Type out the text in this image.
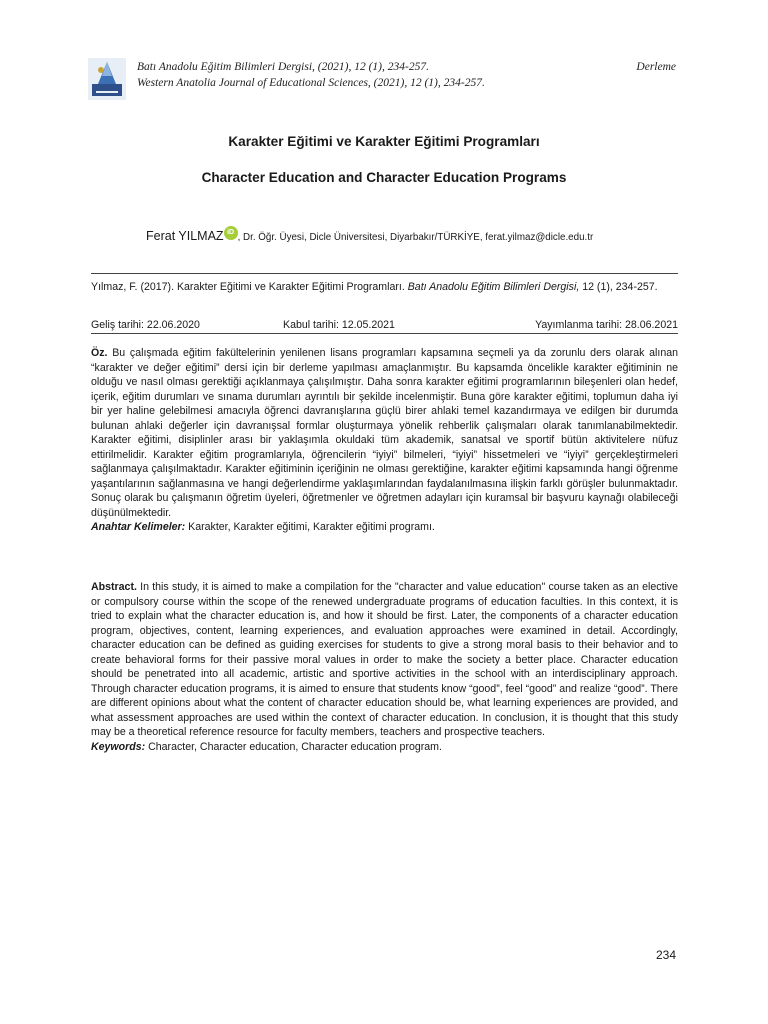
Batı Anadolu Eğitim Bilimleri Dergisi, (2021), 12 (1), 234-257.
Western Anatolia Journal of Educational Sciences, (2021), 12 (1), 234-257.
Derleme
Karakter Eğitimi ve Karakter Eğitimi Programları
Character Education and Character Education Programs
Ferat YILMAZ iD , Dr. Öğr. Üyesi, Dicle Üniversitesi, Diyarbakır/TÜRKİYE, ferat.yilmaz@dicle.edu.tr
Yılmaz, F. (2017). Karakter Eğitimi ve Karakter Eğitimi Programları. Batı Anadolu Eğitim Bilimleri Dergisi, 12 (1), 234-257.
Geliş tarihi: 22.06.2020	Kabul tarihi: 12.05.2021	Yayımlanma tarihi: 28.06.2021

Öz. Bu çalışmada eğitim fakültelerinin yenilenen lisans programları kapsamına seçmeli ya da zorunlu ders olarak alınan “karakter ve değer eğitimi” dersi için bir derleme yapılması amaçlanmıştır. Bu kapsamda öncelikle karakter eğitiminin ne olduğu ve nasıl olması gerektiği açıklanmaya çalışılmıştır. Daha sonra karakter eğitimi programlarının bileşenleri olan hedef, içerik, eğitim durumları ve sınama durumları ayrıntılı bir şekilde incelenmiştir. Buna göre karakter eğitimi, toplumun daha iyi bir yer haline gelebilmesi amacıyla öğrenci davranışlarına güçlü birer ahlaki temel kazandırmaya ve edilgen bir durumda bulunan ahlaki değerler için davranışsal formlar oluşturmaya yönelik rehberlik çalışmaları olarak tanımlanabilmektedir. Karakter eğitimi, disiplinler arası bir yaklaşımla okuldaki tüm akademik, sanatsal ve sportif bütün aktivitelere nüfuz ettirilmelidir. Karakter eğitim programlarıyla, öğrencilerin “iyiyi” bilmeleri, “iyiyi” hissetmeleri ve “iyiyi” gerçekleştirmeleri sağlanmaya çalışılmaktadır. Karakter eğitiminin içeriğinin ne olması gerektiğine, karakter eğitimi kapsamında hangi öğrenme yaşantılarının sağlanmasına ve hangi değerlendirme yaklaşımlarından faydalanılmasına ilişkin farklı görüşler bulunmaktadır. Sonuç olarak bu çalışmanın öğretim üyeleri, öğretmenler ve öğretmen adayları için kuramsal bir başvuru kaynağı olabileceği düşünülmektedir.

Anahtar Kelimeler: Karakter, Karakter eğitimi, Karakter eğitimi programı.

Abstract. In this study, it is aimed to make a compilation for the "character and value education" course taken as an elective or compulsory course within the scope of the renewed undergraduate programs of education faculties. In this context, it is tried to explain what the character education is, and how it should be first. Later, the components of a character education program, objectives, content, learning experiences, and evaluation approaches were examined in detail. Accordingly, character education can be defined as guiding exercises for students to give a strong moral basis to their behavior and to create behavioral forms for their passive moral values in order to make the society a better place. Character education should be penetrated into all academic, artistic and sportive activities in the school with an interdisciplinary approach. Through character education programs, it is aimed to ensure that students know “good”, feel “good” and realize “good”. There are different opinions about what the content of character education should be, what learning experiences are provided, and what assessment approaches are used within the context of character education. In conclusion, it is thought that this study may be a theoretical reference resource for faculty members, teachers and prospective teachers.

Keywords: Character, Character education, Character education program.

234
